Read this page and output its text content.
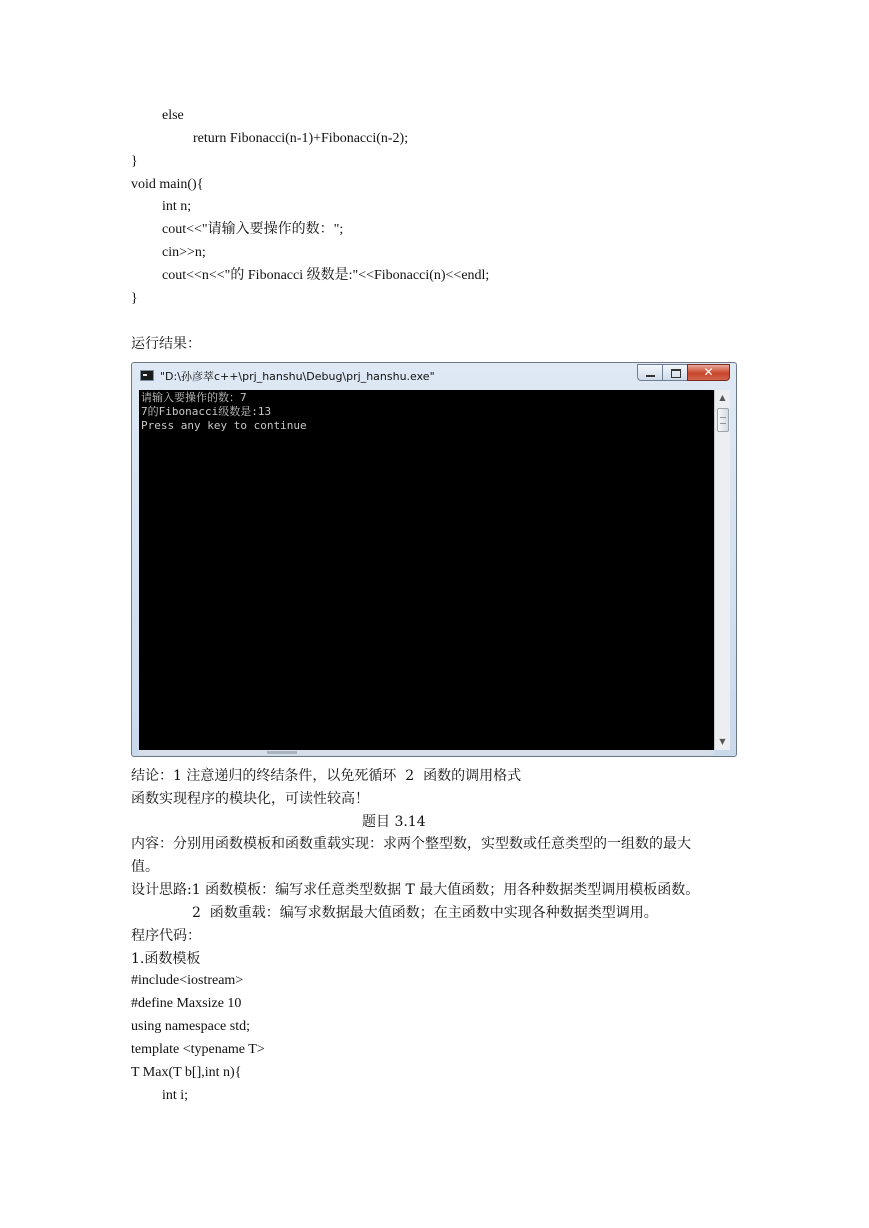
else
return Fibonacci(n-1)+Fibonacci(n-2);
}
void main(){
int n;
cout<<"请输入要操作的数：";
cin>>n;
cout<<n<<"的 Fibonacci 级数是:"<<Fibonacci(n)<<endl;
}
运行结果：
"D:\孙彦萃c++\prj_hanshu\Debug\prj_hanshu.exe"	✕
请输入要操作的数：7
7的Fibonacci级数是:13
Press any key to continue
▲
▼
结论：1 注意递归的终结条件，以免死循环  2  函数的调用格式
函数实现程序的模块化，可读性较高！
题目 3.14
内容：分别用函数模板和函数重载实现：求两个整型数，实型数或任意类型的一组数的最大
值。
设计思路:1 函数模板：编写求任意类型数据 T 最大值函数；用各种数据类型调用模板函数。
2  函数重载：编写求数据最大值函数；在主函数中实现各种数据类型调用。
程序代码：
1.函数模板
#include<iostream>
#define Maxsize 10
using namespace std;
template <typename T>
T Max(T b[],int n){
int i;
